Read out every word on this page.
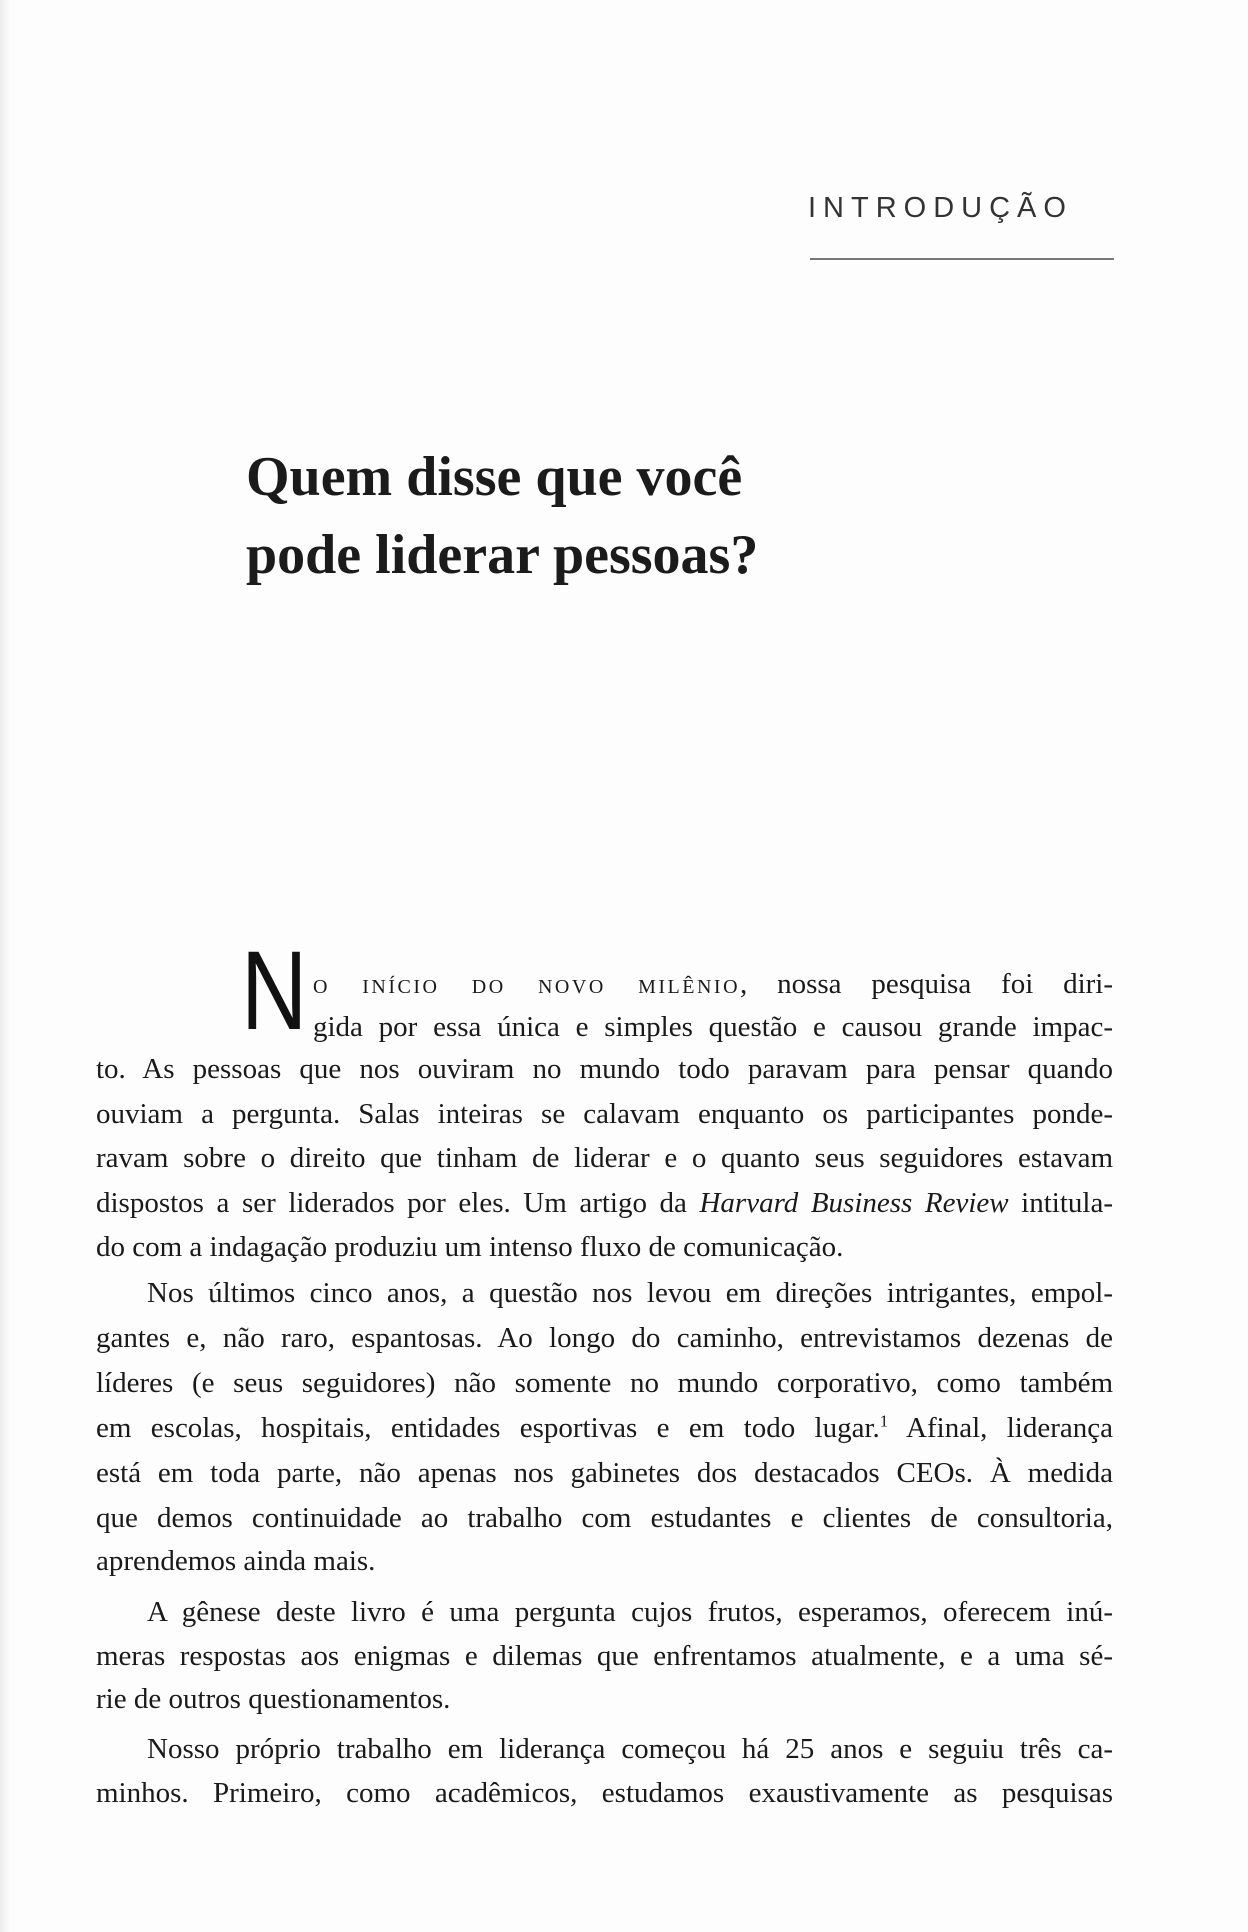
INTRODUÇÃO
Quem disse que você
pode liderar pessoas?
N o início do novo milênio, nossa pesquisa foi diri-
gida por essa única e simples questão e causou grande impac-
to. As pessoas que nos ouviram no mundo todo paravam para pensar quando
ouviam a pergunta. Salas inteiras se calavam enquanto os participantes ponde-
ravam sobre o direito que tinham de liderar e o quanto seus seguidores estavam
dispostos a ser liderados por eles. Um artigo da Harvard Business Review intitula-
do com a indagação produziu um intenso fluxo de comunicação.
Nos últimos cinco anos, a questão nos levou em direções intrigantes, empol-
gantes e, não raro, espantosas. Ao longo do caminho, entrevistamos dezenas de
líderes (e seus seguidores) não somente no mundo corporativo, como também
em escolas, hospitais, entidades esportivas e em todo lugar.$^1$ Afinal, liderança
está em toda parte, não apenas nos gabinetes dos destacados CEOs. À medida
que demos continuidade ao trabalho com estudantes e clientes de consultoria,
aprendemos ainda mais.
A gênese deste livro é uma pergunta cujos frutos, esperamos, oferecem inú-
meras respostas aos enigmas e dilemas que enfrentamos atualmente, e a uma sé-
rie de outros questionamentos.
Nosso próprio trabalho em liderança começou há 25 anos e seguiu três ca-
minhos. Primeiro, como acadêmicos, estudamos exaustivamente as pesquisas
